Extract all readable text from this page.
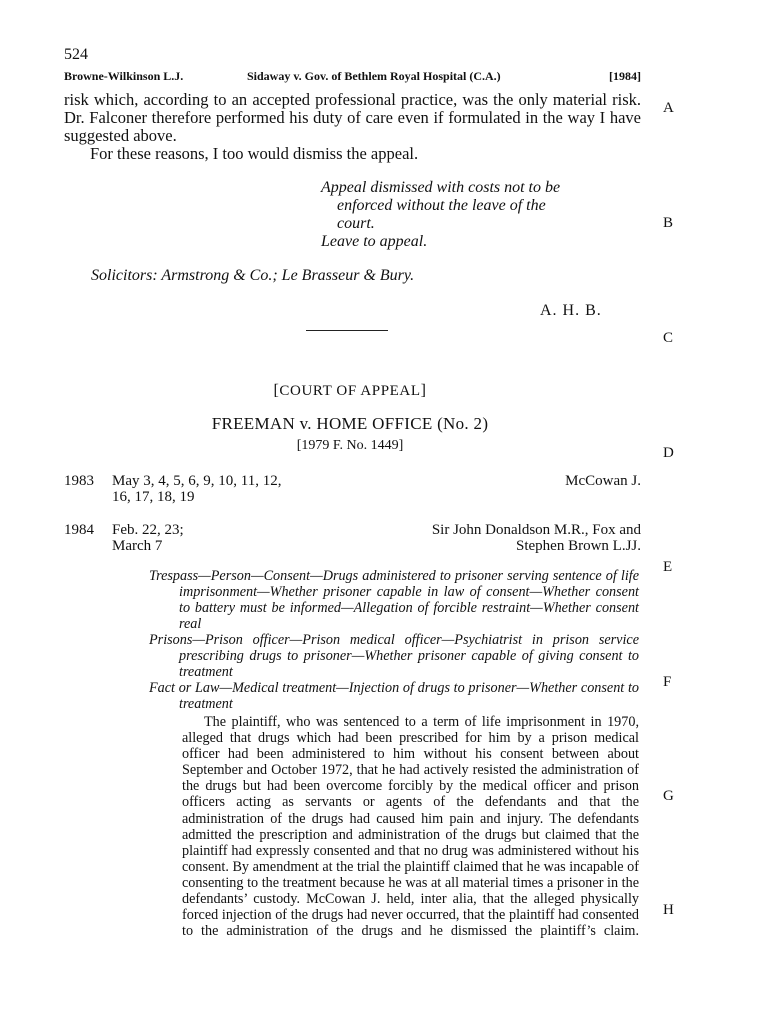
524
Browne-Wilkinson L.J.	Sidaway v. Gov. of Bethlem Royal Hospital (C.A.)	[1984]

risk which, according to an accepted professional practice, was the only material risk. Dr. Falconer therefore performed his duty of care even if formulated in the way I have suggested above.

For these reasons, I too would dismiss the appeal.

Appeal dismissed with costs not to be
enforced without the leave of the
court.
Leave to appeal.
Solicitors: Armstrong & Co.; Le Brasseur & Bury.
A. H. B.
[COURT OF APPEAL]
FREEMAN v. HOME OFFICE (No. 2)
[1979 F. No. 1449]
1983 May 3, 4, 5, 6, 9, 10, 11, 12,
16, 17, 18, 19
McCowan J.
1984 Feb. 22, 23;
March 7
Sir John Donaldson M.R., Fox and
Stephen Brown L.JJ.

Trespass—Person—Consent—Drugs administered to prisoner serving sentence of life imprisonment—Whether prisoner capable in law of consent—Whether consent to battery must be informed—Allegation of forcible restraint—Whether consent real

Prisons—Prison officer—Prison medical officer—Psychiatrist in prison service prescribing drugs to prisoner—Whether prisoner capable of giving consent to treatment

Fact or Law—Medical treatment—Injection of drugs to prisoner—Whether consent to treatment

The plaintiff, who was sentenced to a term of life imprisonment in 1970, alleged that drugs which had been prescribed for him by a prison medical officer had been administered to him without his consent between about September and October 1972, that he had actively resisted the administration of the drugs but had been overcome forcibly by the medical officer and prison officers acting as servants or agents of the defendants and that the administration of the drugs had caused him pain and injury. The defendants admitted the prescription and administration of the drugs but claimed that the plaintiff had expressly consented and that no drug was administered without his consent. By amendment at the trial the plaintiff claimed that he was incapable of consenting to the treatment because he was at all material times a prisoner in the defendants’ custody. McCowan J. held, inter alia, that the alleged physically forced injection of the drugs had never occurred, that the plaintiff had consented to the administration of the drugs and he dismissed the plaintiff’s claim.

A
B
C
D
E
F
G
H
